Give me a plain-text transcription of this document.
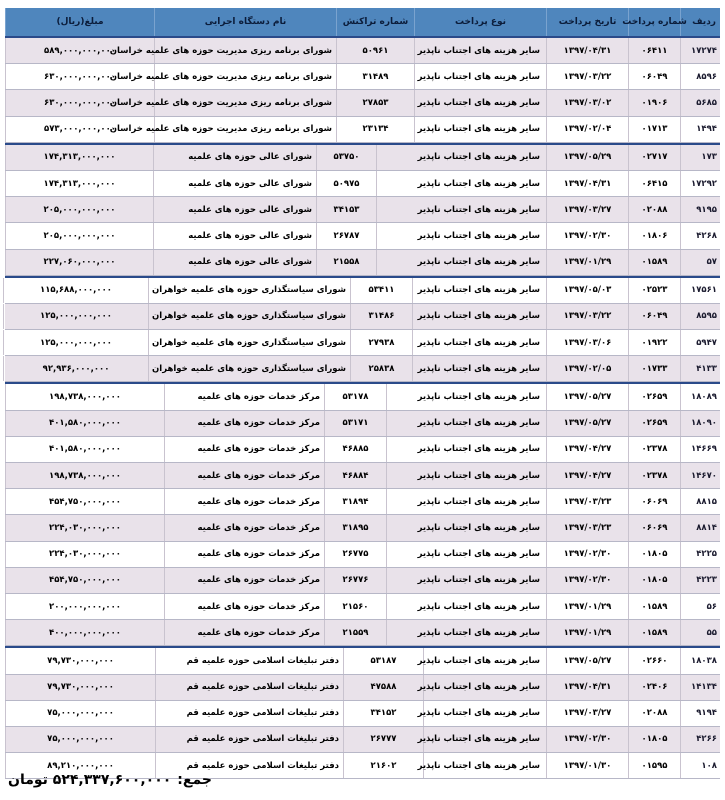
ردیف
شماره پرداخت
تاریخ پرداخت
نوع پرداخت
شماره تراکنش
نام دستگاه اجرایی
مبلغ(ریال)
۱۷۲۷۴
۰۶۴۱۱
۱۳۹۷/۰۴/۳۱
سایر هزینه های اجتناب ناپذیر
۵۰۹۶۱
شورای برنامه ریزی مدیریت حوزه های علمیه خراسان
۵۸۹,۰۰۰,۰۰۰,۰۰۰
۸۵۹۶
۰۶۰۴۹
۱۳۹۷/۰۳/۲۲
سایر هزینه های اجتناب ناپذیر
۳۱۴۸۹
شورای برنامه ریزی مدیریت حوزه های علمیه خراسان
۶۳۰,۰۰۰,۰۰۰,۰۰۰
۵۶۸۵
۰۱۹۰۶
۱۳۹۷/۰۳/۰۲
سایر هزینه های اجتناب ناپذیر
۲۷۸۵۳
شورای برنامه ریزی مدیریت حوزه های علمیه خراسان
۶۳۰,۰۰۰,۰۰۰,۰۰۰
۱۴۹۴
۰۱۷۱۳
۱۳۹۷/۰۲/۰۴
سایر هزینه های اجتناب ناپذیر
۲۳۱۳۴
شورای برنامه ریزی مدیریت حوزه های علمیه خراسان
۵۷۳,۰۰۰,۰۰۰,۰۰۰
۱۷۳
۰۲۷۱۷
۱۳۹۷/۰۵/۲۹
سایر هزینه های اجتناب ناپذیر
۵۳۷۵۰
شورای عالی حوزه های علمیه
۱۷۴,۳۱۳,۰۰۰,۰۰۰
۱۷۲۹۲
۰۶۴۱۵
۱۳۹۷/۰۴/۳۱
سایر هزینه های اجتناب ناپذیر
۵۰۹۷۵
شورای عالی حوزه های علمیه
۱۷۴,۳۱۳,۰۰۰,۰۰۰
۹۱۹۵
۰۲۰۸۸
۱۳۹۷/۰۳/۲۷
سایر هزینه های اجتناب ناپذیر
۳۴۱۵۳
شورای عالی حوزه های علمیه
۲۰۵,۰۰۰,۰۰۰,۰۰۰
۴۲۶۸
۰۱۸۰۶
۱۳۹۷/۰۲/۳۰
سایر هزینه های اجتناب ناپذیر
۲۶۷۸۷
شورای عالی حوزه های علمیه
۲۰۵,۰۰۰,۰۰۰,۰۰۰
۵۷
۰۱۵۸۹
۱۳۹۷/۰۱/۲۹
سایر هزینه های اجتناب ناپذیر
۲۱۵۵۸
شورای عالی حوزه های علمیه
۲۲۷,۰۶۰,۰۰۰,۰۰۰
۱۷۵۶۱
۰۲۵۲۳
۱۳۹۷/۰۵/۰۳
سایر هزینه های اجتناب ناپذیر
۵۳۴۱۱
شورای سیاستگذاری حوزه های علمیه خواهران
۱۱۵,۶۸۸,۰۰۰,۰۰۰
۸۵۹۵
۰۶۰۴۹
۱۳۹۷/۰۳/۲۲
سایر هزینه های اجتناب ناپذیر
۳۱۴۸۶
شورای سیاستگذاری حوزه های علمیه خواهران
۱۲۵,۰۰۰,۰۰۰,۰۰۰
۵۹۴۷
۰۱۹۲۲
۱۳۹۷/۰۳/۰۶
سایر هزینه های اجتناب ناپذیر
۲۷۹۳۸
شورای سیاستگذاری حوزه های علمیه خواهران
۱۲۵,۰۰۰,۰۰۰,۰۰۰
۴۱۳۳
۰۱۷۳۳
۱۳۹۷/۰۲/۰۵
سایر هزینه های اجتناب ناپذیر
۲۵۸۳۸
شورای سیاستگذاری حوزه های علمیه خواهران
۹۲,۹۳۶,۰۰۰,۰۰۰
۱۸۰۸۹
۰۲۶۵۹
۱۳۹۷/۰۵/۲۷
سایر هزینه های اجتناب ناپذیر
۵۳۱۷۸
مرکز خدمات حوزه های علمیه
۱۹۸,۷۳۸,۰۰۰,۰۰۰
۱۸۰۹۰
۰۲۶۵۹
۱۳۹۷/۰۵/۲۷
سایر هزینه های اجتناب ناپذیر
۵۳۱۷۱
مرکز خدمات حوزه های علمیه
۴۰۱,۵۸۰,۰۰۰,۰۰۰
۱۴۶۶۹
۰۲۳۷۸
۱۳۹۷/۰۴/۲۷
سایر هزینه های اجتناب ناپذیر
۴۶۸۸۵
مرکز خدمات حوزه های علمیه
۴۰۱,۵۸۰,۰۰۰,۰۰۰
۱۴۶۷۰
۰۲۳۷۸
۱۳۹۷/۰۴/۲۷
سایر هزینه های اجتناب ناپذیر
۴۶۸۸۴
مرکز خدمات حوزه های علمیه
۱۹۸,۷۳۸,۰۰۰,۰۰۰
۸۸۱۵
۰۶۰۶۹
۱۳۹۷/۰۳/۲۳
سایر هزینه های اجتناب ناپذیر
۳۱۸۹۴
مرکز خدمات حوزه های علمیه
۴۵۴,۷۵۰,۰۰۰,۰۰۰
۸۸۱۴
۰۶۰۶۹
۱۳۹۷/۰۳/۲۳
سایر هزینه های اجتناب ناپذیر
۳۱۸۹۵
مرکز خدمات حوزه های علمیه
۲۲۴,۰۳۰,۰۰۰,۰۰۰
۴۲۲۵
۰۱۸۰۵
۱۳۹۷/۰۲/۳۰
سایر هزینه های اجتناب ناپذیر
۲۶۷۷۵
مرکز خدمات حوزه های علمیه
۲۲۴,۰۳۰,۰۰۰,۰۰۰
۴۲۲۳
۰۱۸۰۵
۱۳۹۷/۰۲/۳۰
سایر هزینه های اجتناب ناپذیر
۲۶۷۷۶
مرکز خدمات حوزه های علمیه
۴۵۴,۷۵۰,۰۰۰,۰۰۰
۵۶
۰۱۵۸۹
۱۳۹۷/۰۱/۲۹
سایر هزینه های اجتناب ناپذیر
۲۱۵۶۰
مرکز خدمات حوزه های علمیه
۲۰۰,۰۰۰,۰۰۰,۰۰۰
۵۵
۰۱۵۸۹
۱۳۹۷/۰۱/۲۹
سایر هزینه های اجتناب ناپذیر
۲۱۵۵۹
مرکز خدمات حوزه های علمیه
۴۰۰,۰۰۰,۰۰۰,۰۰۰
۱۸۰۳۸
۰۲۶۶۰
۱۳۹۷/۰۵/۲۷
سایر هزینه های اجتناب ناپذیر
۵۳۱۸۷
دفتر تبلیغات اسلامی حوزه علمیه قم
۷۹,۷۳۰,۰۰۰,۰۰۰
۱۴۱۳۴
۰۲۴۰۶
۱۳۹۷/۰۴/۳۱
سایر هزینه های اجتناب ناپذیر
۴۷۵۸۸
دفتر تبلیغات اسلامی حوزه علمیه قم
۷۹,۷۳۰,۰۰۰,۰۰۰
۹۱۹۴
۰۲۰۸۸
۱۳۹۷/۰۳/۲۷
سایر هزینه های اجتناب ناپذیر
۳۴۱۵۲
دفتر تبلیغات اسلامی حوزه علمیه قم
۷۵,۰۰۰,۰۰۰,۰۰۰
۴۲۶۶
۰۱۸۰۵
۱۳۹۷/۰۲/۳۰
سایر هزینه های اجتناب ناپذیر
۲۶۷۷۷
دفتر تبلیغات اسلامی حوزه علمیه قم
۷۵,۰۰۰,۰۰۰,۰۰۰
۱۰۸
۰۱۵۹۵
۱۳۹۷/۰۱/۳۰
سایر هزینه های اجتناب ناپذیر
۲۱۶۰۲
دفتر تبلیغات اسلامی حوزه علمیه قم
۸۹,۲۱۰,۰۰۰,۰۰۰
جمع:
۵۲۴,۳۳۷,۶۰۰,۰۰۰ تومان
